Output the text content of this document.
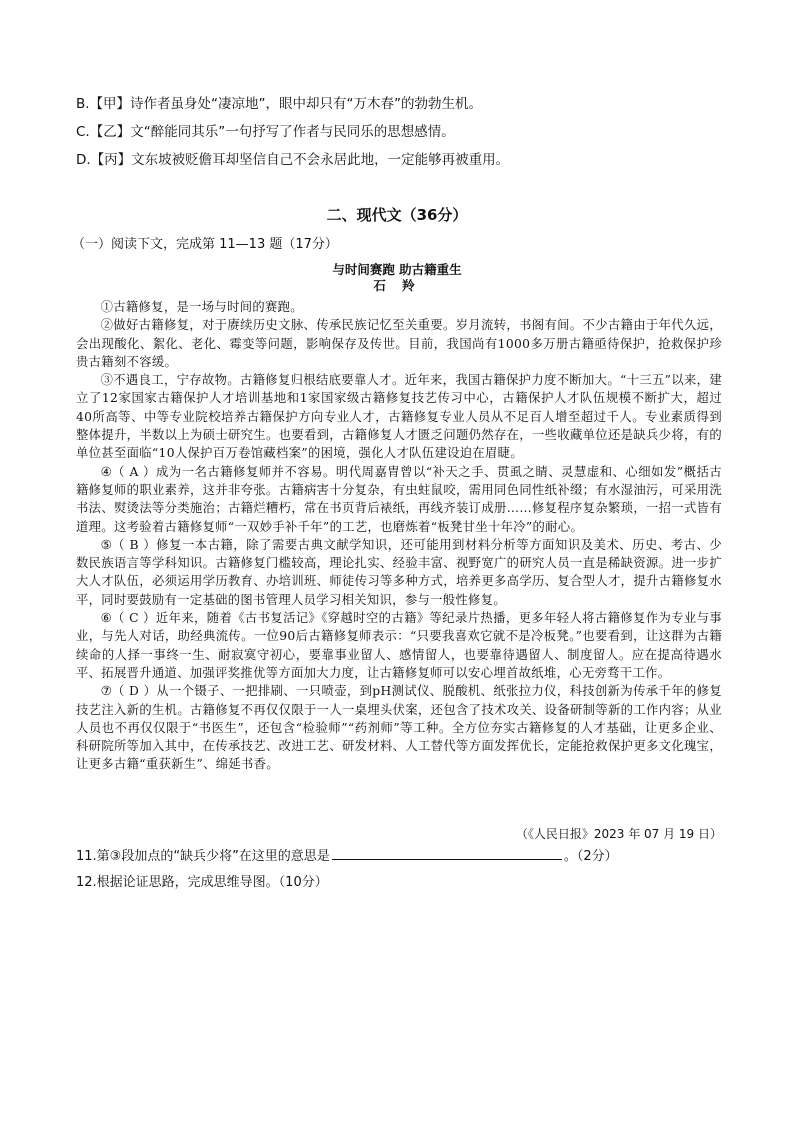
B.【甲】诗作者虽身处“凄凉地”，眼中却只有“万木春”的勃勃生机。
C.【乙】文“醉能同其乐”一句抒写了作者与民同乐的思想感情。
D.【丙】文东坡被贬儋耳却坚信自己不会永居此地，一定能够再被重用。
二、现代文（36分）
（一）阅读下文，完成第 11—13 题（17分）
与时间赛跑 助古籍重生
石 羚

①古籍修复，是一场与时间的赛跑。

②做好古籍修复，对于赓续历史文脉、传承民族记忆至关重要。岁月流转，书阁有间。不少古籍由于年代久远，会出现酸化、絮化、老化、霉变等问题，影响保存及传世。目前，我国尚有1000多万册古籍亟待保护，抢救保护珍贵古籍刻不容缓。

③不遇良工，宁存故物。古籍修复归根结底要靠人才。近年来，我国古籍保护力度不断加大。“十三五”以来，建立了12家国家古籍保护人才培训基地和1家国家级古籍修复技艺传习中心，古籍保护人才队伍规模不断扩大，超过40所高等、中等专业院校培养古籍保护方向专业人才，古籍修复专业人员从不足百人增至超过千人。专业素质得到整体提升，半数以上为硕士研究生。也要看到，古籍修复人才匮乏问题仍然存在，一些收藏单位还是缺兵少将，有的单位甚至面临“10人保护百万卷馆藏档案”的困境，强化人才队伍建设迫在眉睫。

④（ A ）成为一名古籍修复师并不容易。明代周嘉胄曾以“补天之手、贯虱之睛、灵慧虚和、心细如发”概括古籍修复师的职业素养，这并非夸张。古籍病害十分复杂，有虫蛀鼠咬，需用同色同性纸补缀；有水湿油污，可采用洗书法、熨烫法等分类施治；古籍烂糟朽，常在书页背后裱纸，再线齐装订成册……修复程序复杂繁琐，一招一式皆有道理。这考验着古籍修复师“一双妙手补千年”的工艺，也磨炼着“板凳甘坐十年冷”的耐心。

⑤（ B ）修复一本古籍，除了需要古典文献学知识，还可能用到材料分析等方面知识及美术、历史、考古、少数民族语言等学科知识。古籍修复门槛较高，理论扎实、经验丰富、视野宽广的研究人员一直是稀缺资源。进一步扩大人才队伍，必须运用学历教育、办培训班、师徒传习等多种方式，培养更多高学历、复合型人才，提升古籍修复水平，同时要鼓励有一定基础的图书管理人员学习相关知识，参与一般性修复。

⑥（ C ）近年来，随着《古书复活记》《穿越时空的古籍》等纪录片热播，更多年轻人将古籍修复作为专业与事业，与先人对话，助经典流传。一位90后古籍修复师表示：“只要我喜欢它就不是冷板凳。”也要看到，让这群为古籍续命的人择一事终一生、耐寂寞守初心，要靠事业留人、感情留人，也要靠待遇留人、制度留人。应在提高待遇水平、拓展晋升通道、加强评奖推优等方面加大力度，让古籍修复师可以安心埋首故纸堆，心无旁骛干工作。

⑦（ D ）从一个镊子、一把排刷、一只喷壶，到pH测试仪、脱酸机、纸张拉力仪，科技创新为传承千年的修复技艺注入新的生机。古籍修复不再仅仅限于一人一桌埋头伏案，还包含了技术攻关、设备研制等新的工作内容；从业人员也不再仅仅限于“书医生”，还包含“检验师”“药剂师”等工种。全方位夯实古籍修复的人才基础，让更多企业、科研院所等加入其中，在传承技艺、改进工艺、研发材料、人工替代等方面发挥优长，定能抢救保护更多文化瑰宝，让更多古籍“重获新生”、绵延书香。

（《人民日报》2023 年 07 月 19 日）
11.第③段加点的“缺兵少将”在这里的意思是	。（2分）
12.根据论证思路，完成思维导图。（10分）
